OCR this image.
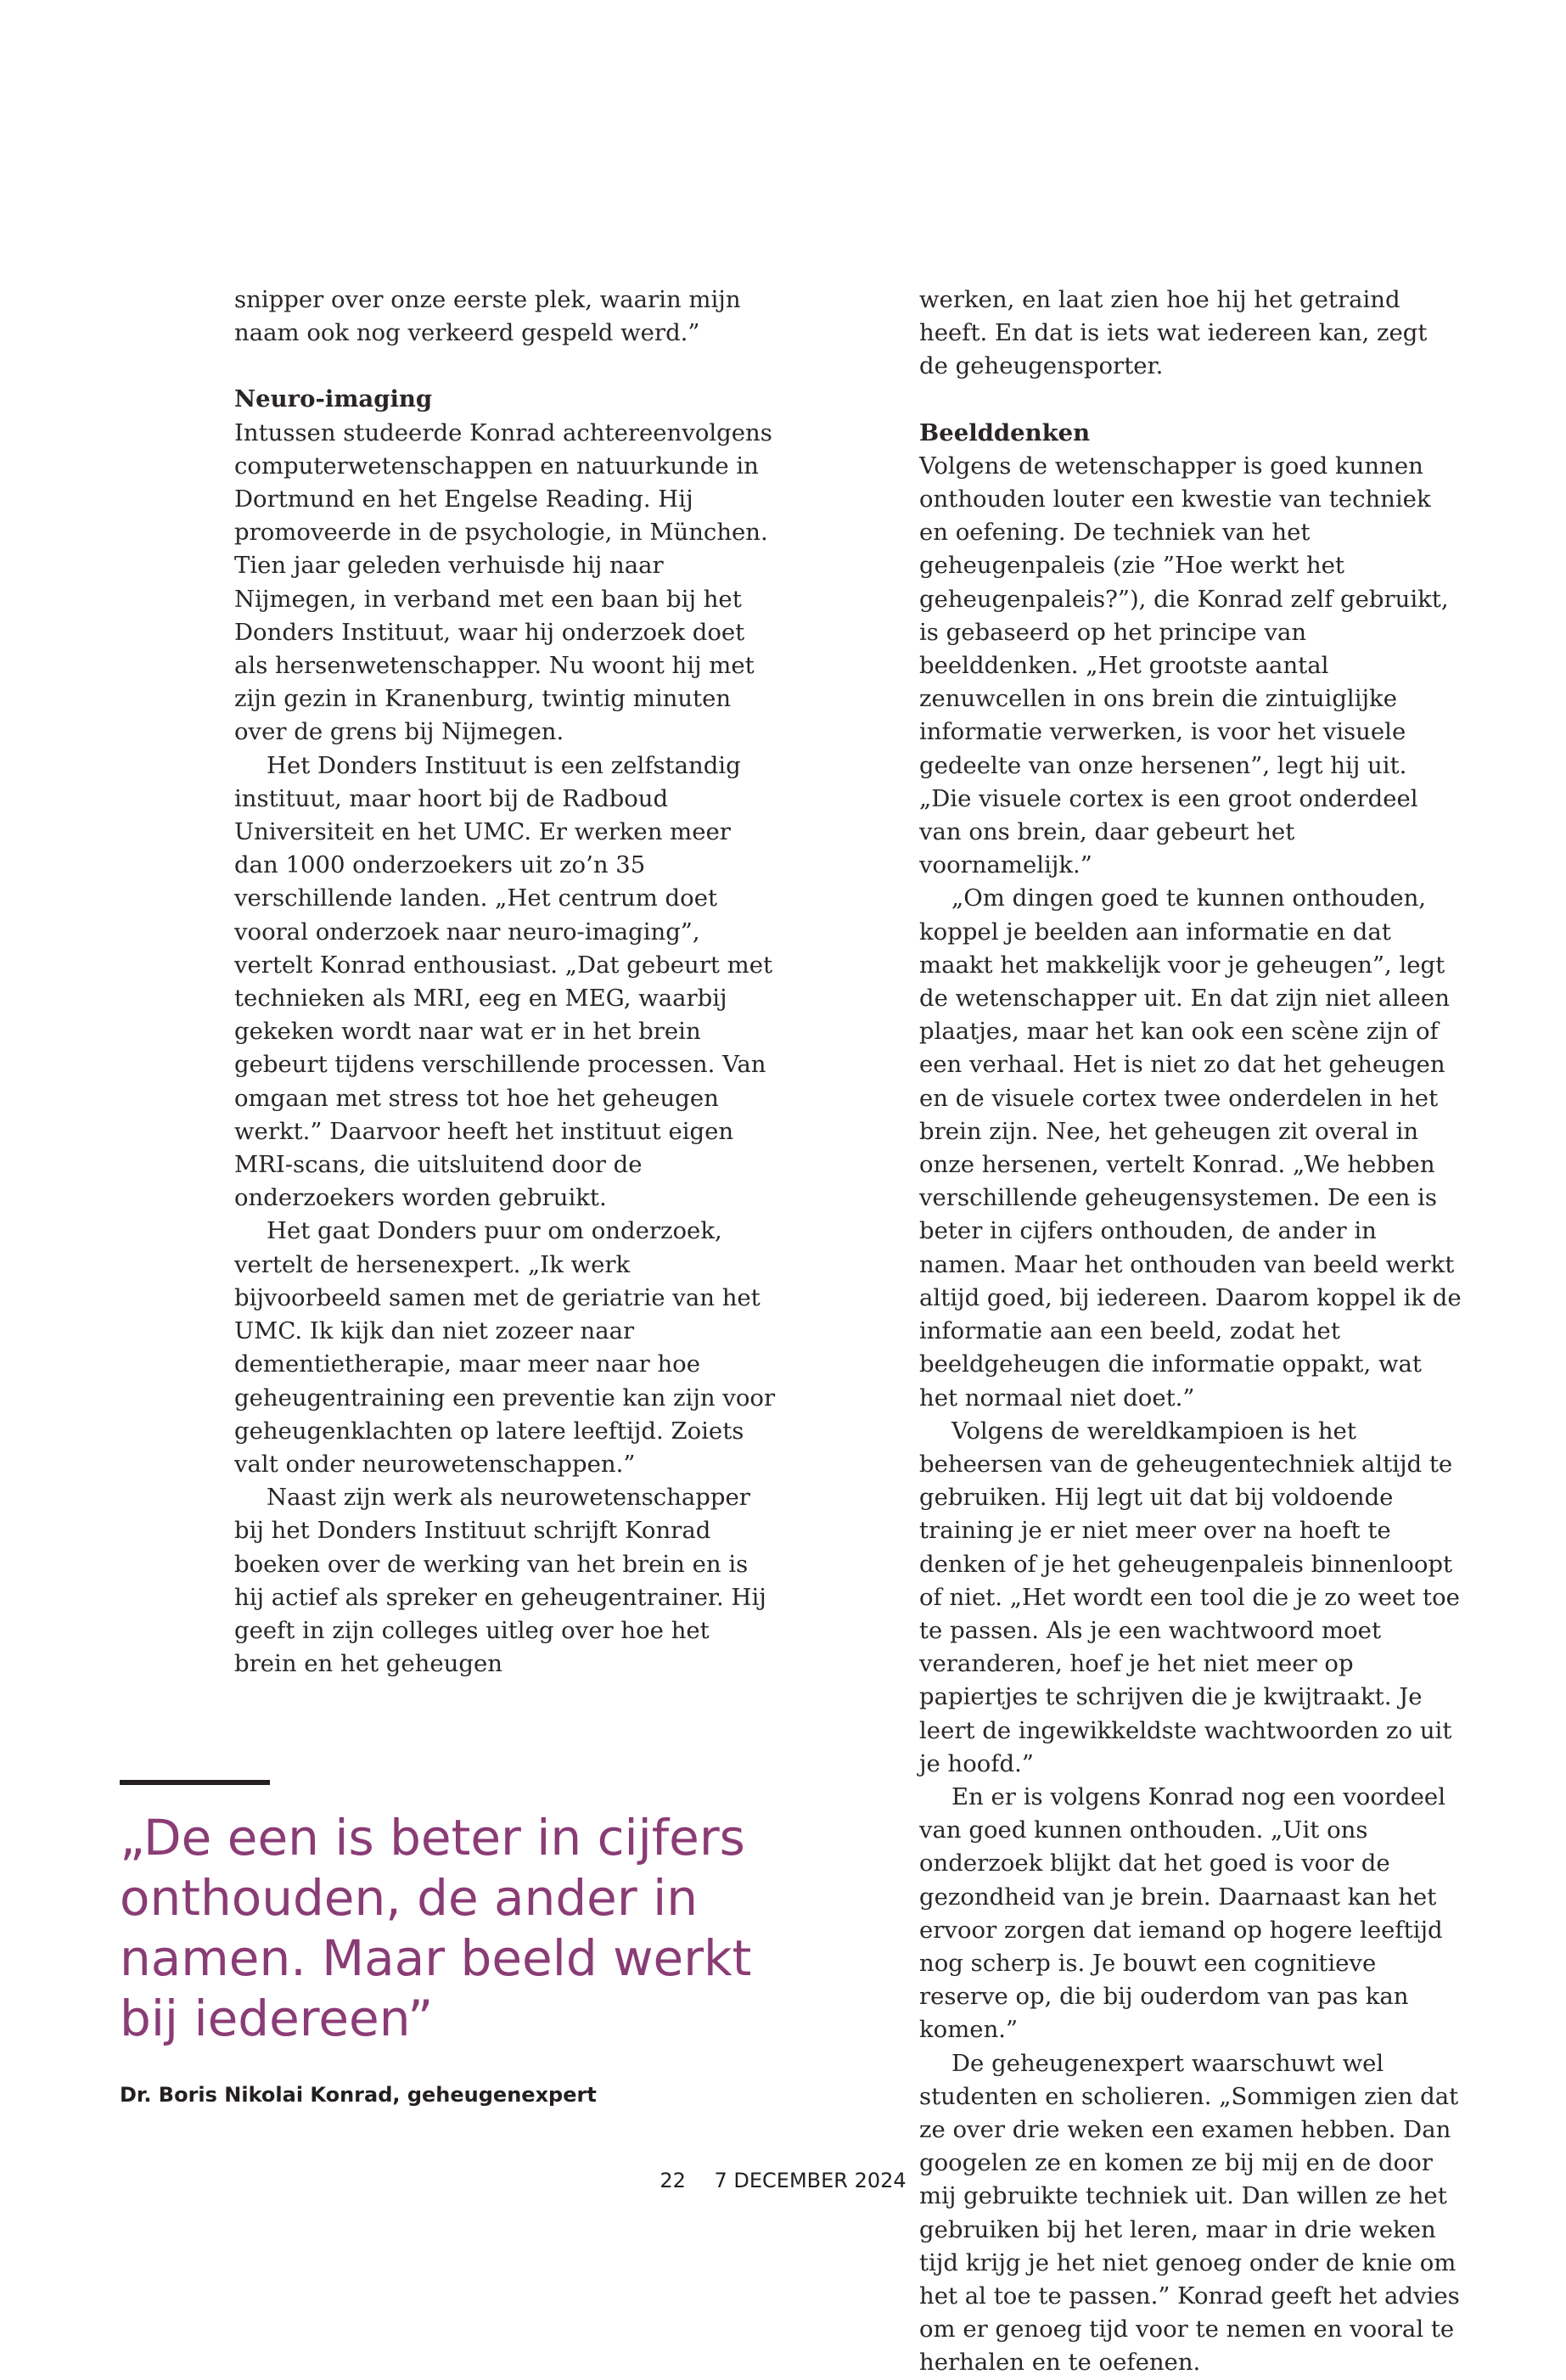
snipper over onze eerste plek, waarin mijn naam ook nog verkeerd gespeld werd.”

Neuro-imaging

Intussen studeerde Konrad achtereenvolgens computerwetenschappen en natuurkunde in Dortmund en het Engelse Reading. Hij promoveerde in de psychologie, in München. Tien jaar geleden verhuisde hij naar Nijmegen, in verband met een baan bij het Donders Instituut, waar hij onderzoek doet als hersenwetenschapper. Nu woont hij met zijn gezin in Kranenburg, twintig minuten over de grens bij Nijmegen.

Het Donders Instituut is een zelfstandig instituut, maar hoort bij de Radboud Universiteit en het UMC. Er werken meer dan 1000 onderzoekers uit zo’n 35 verschillende landen. „Het centrum doet vooral onderzoek naar neuro-imaging”, vertelt Konrad enthousiast. „Dat gebeurt met technieken als MRI, eeg en MEG, waarbij gekeken wordt naar wat er in het brein gebeurt tijdens verschillende processen. Van omgaan met stress tot hoe het geheugen werkt.” Daarvoor heeft het instituut eigen MRI-scans, die uitsluitend door de onderzoekers worden gebruikt.

Het gaat Donders puur om onderzoek, vertelt de hersenexpert. „Ik werk bijvoorbeeld samen met de geriatrie van het UMC. Ik kijk dan niet zozeer naar dementietherapie, maar meer naar hoe geheugentraining een preventie kan zijn voor geheugenklachten op latere leeftijd. Zoiets valt onder neurowetenschappen.”

Naast zijn werk als neurowetenschapper bij het Donders Instituut schrijft Konrad boeken over de werking van het brein en is hij actief als spreker en geheugentrainer. Hij geeft in zijn colleges uitleg over hoe het brein en het geheugen

werken, en laat zien hoe hij het getraind heeft. En dat is iets wat iedereen kan, zegt de geheugensporter.

Beelddenken

Volgens de wetenschapper is goed kunnen onthouden louter een kwestie van techniek en oefening. De techniek van het geheugenpaleis (zie ”Hoe werkt het geheugenpaleis?”), die Konrad zelf gebruikt, is gebaseerd op het principe van beelddenken. „Het grootste aantal zenuwcellen in ons brein die zintuiglijke informatie verwerken, is voor het visuele gedeelte van onze hersenen”, legt hij uit. „Die visuele cortex is een groot onderdeel van ons brein, daar gebeurt het voornamelijk.”

„Om dingen goed te kunnen onthouden, koppel je beelden aan informatie en dat maakt het makkelijk voor je geheugen”, legt de wetenschapper uit. En dat zijn niet alleen plaatjes, maar het kan ook een scène zijn of een verhaal. Het is niet zo dat het geheugen en de visuele cortex twee onderdelen in het brein zijn. Nee, het geheugen zit overal in onze hersenen, vertelt Konrad. „We hebben verschillende geheugensystemen. De een is beter in cijfers onthouden, de ander in namen. Maar het onthouden van beeld werkt altijd goed, bij iedereen. Daarom koppel ik de informatie aan een beeld, zodat het beeldgeheugen die informatie oppakt, wat het normaal niet doet.”

Volgens de wereldkampioen is het beheersen van de geheugentechniek altijd te gebruiken. Hij legt uit dat bij voldoende training je er niet meer over na hoeft te denken of je het geheugenpaleis binnenloopt of niet. „Het wordt een tool die je zo weet toe te passen. Als je een wachtwoord moet veranderen, hoef je het niet meer op papiertjes te schrijven die je kwijtraakt. Je leert de ingewikkeldste wachtwoorden zo uit je hoofd.”

En er is volgens Konrad nog een voordeel van goed kunnen onthouden. „Uit ons onderzoek blijkt dat het goed is voor de gezondheid van je brein. Daarnaast kan het ervoor zorgen dat iemand op hogere leeftijd nog scherp is. Je bouwt een cognitieve reserve op, die bij ouderdom van pas kan komen.”

De geheugenexpert waarschuwt wel studenten en scholieren. „Sommigen zien dat ze over drie weken een examen hebben. Dan googelen ze en komen ze bij mij en de door mij gebruikte techniek uit. Dan willen ze het gebruiken bij het leren, maar in drie weken tijd krijg je het niet genoeg onder de knie om het al toe te passen.” Konrad geeft het advies om er genoeg tijd voor te nemen en vooral te herhalen en te oefenen.

„De een is beter in cijfers onthouden, de ander in namen. Maar beeld werkt bij iedereen”

Dr. Boris Nikolai Konrad, geheugenexpert

22 7 DECEMBER 2024
